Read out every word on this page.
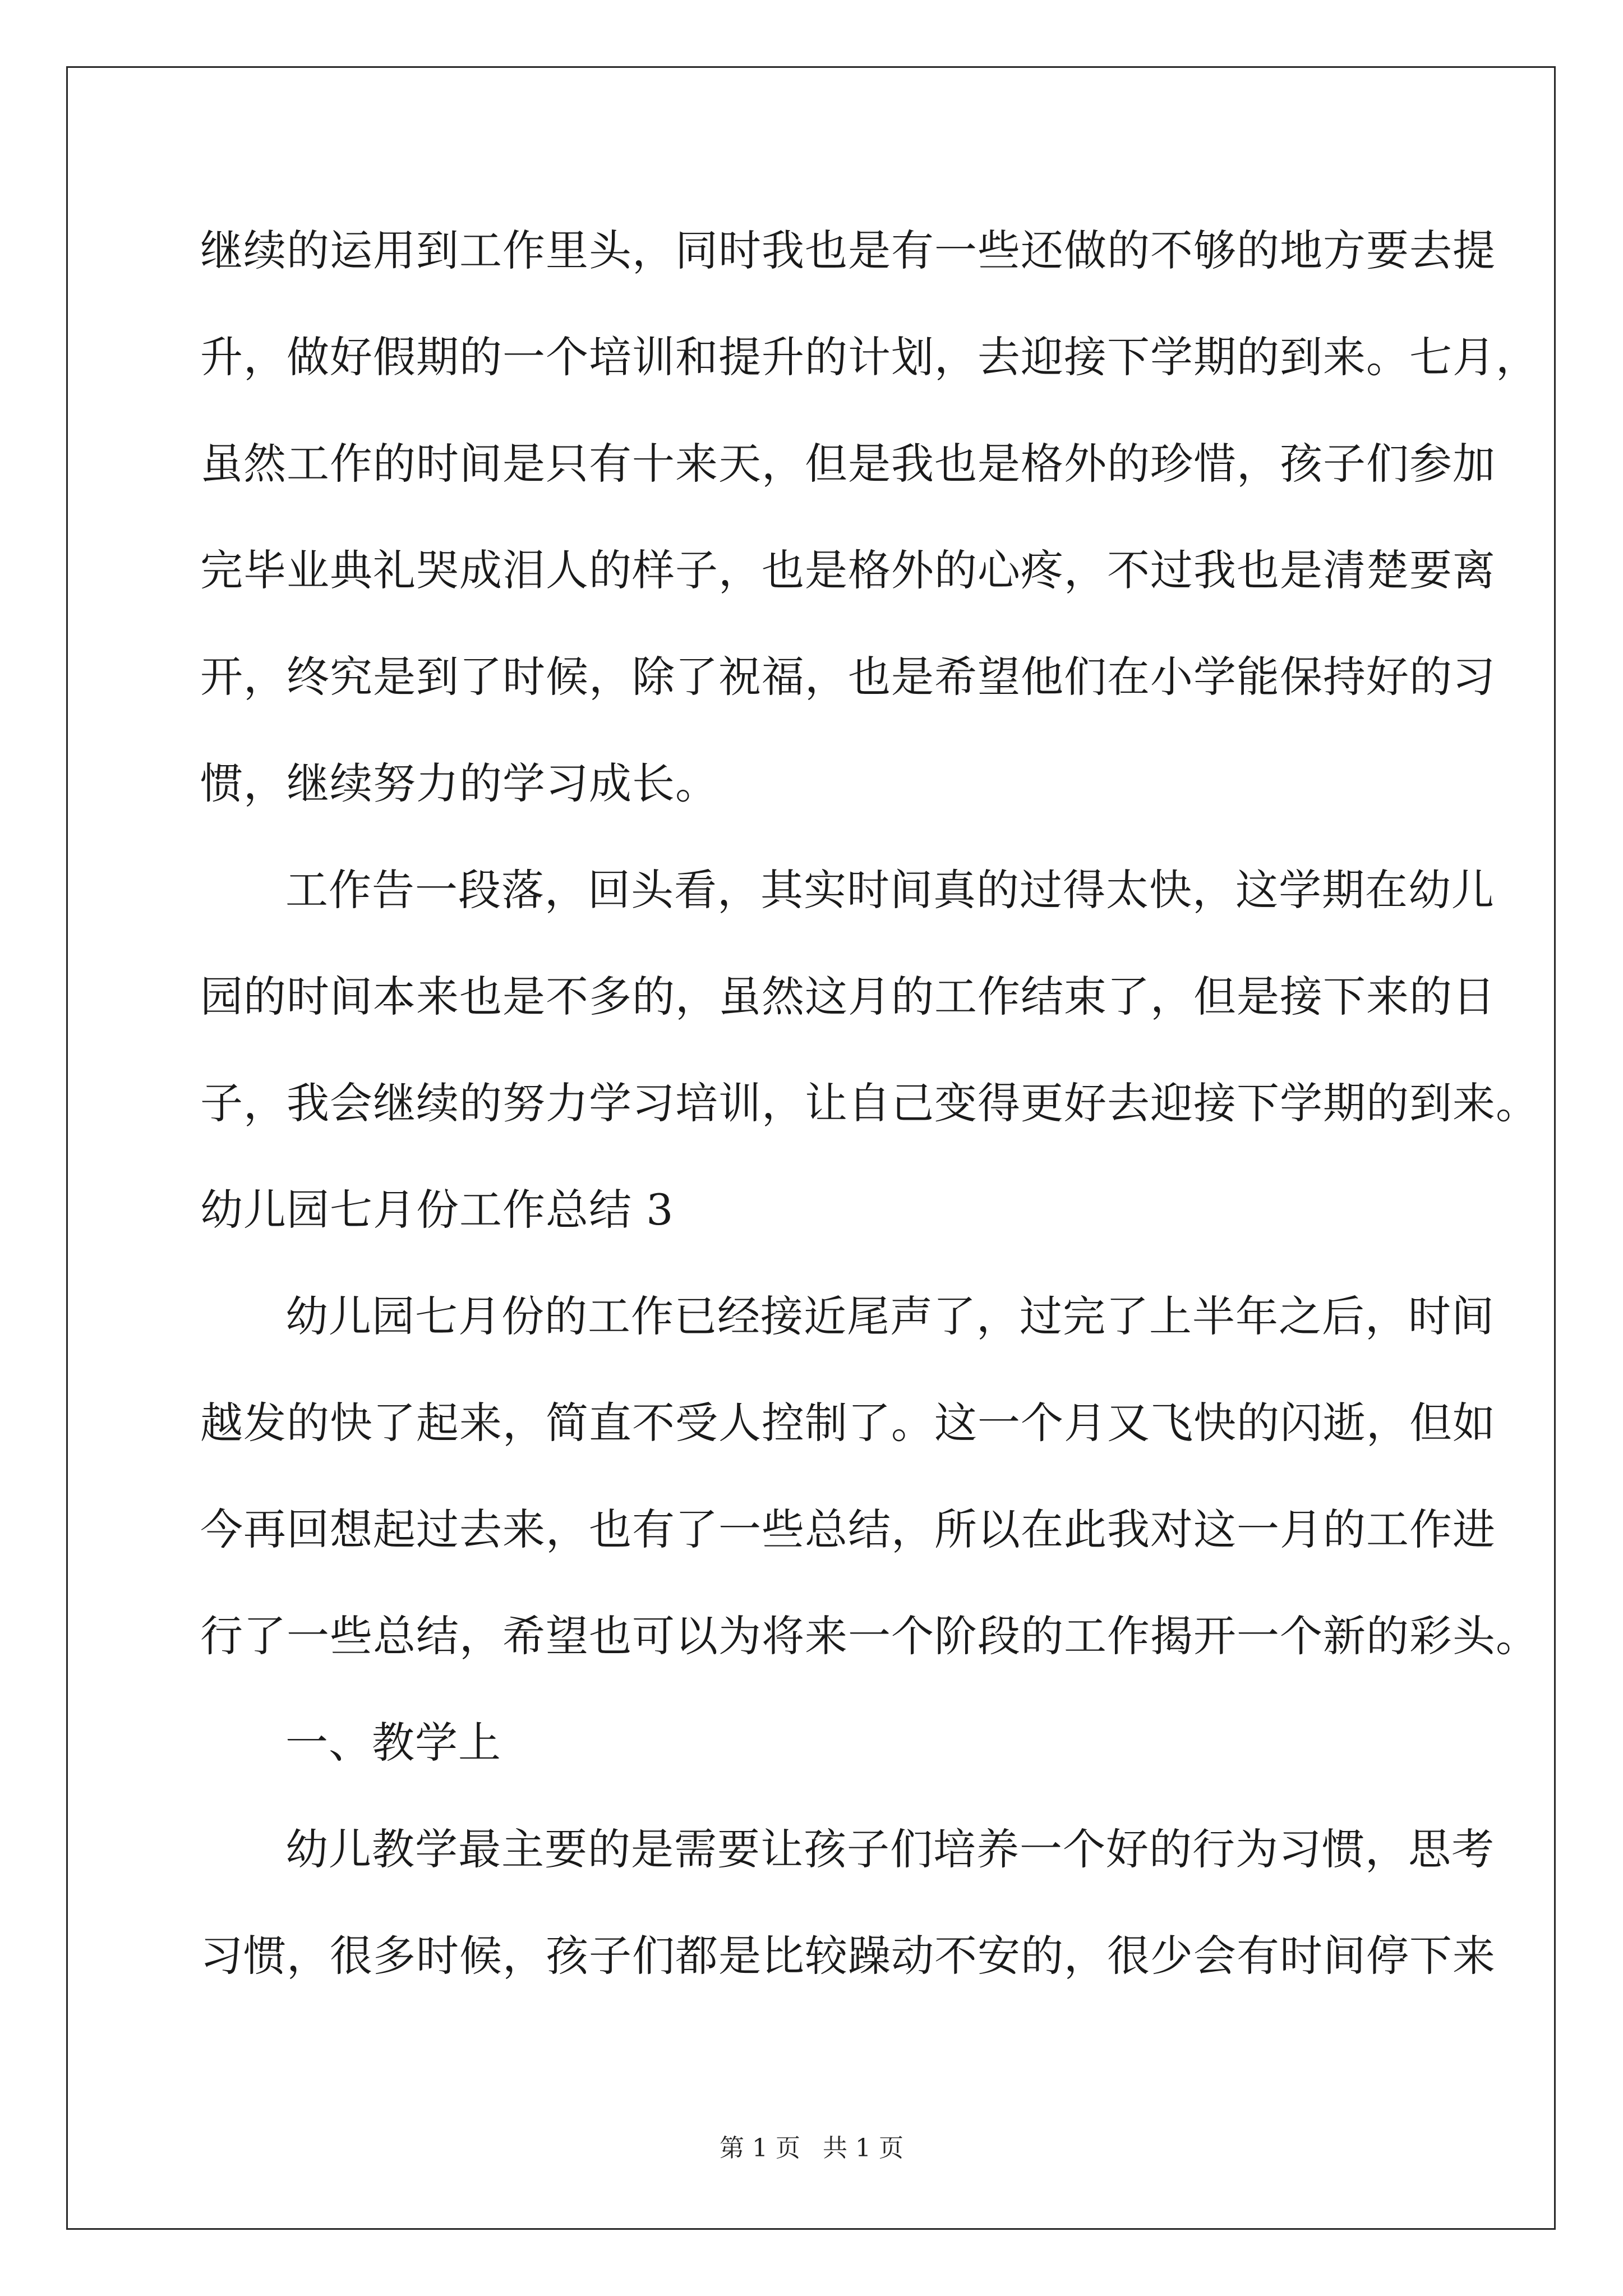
继续的运用到工作里头，同时我也是有一些还做的不够的地方要去提
升，做好假期的一个培训和提升的计划，去迎接下学期的到来。七月，
虽然工作的时间是只有十来天，但是我也是格外的珍惜，孩子们参加
完毕业典礼哭成泪人的样子，也是格外的心疼，不过我也是清楚要离
开，终究是到了时候，除了祝福，也是希望他们在小学能保持好的习
惯，继续努力的学习成长。
工作告一段落，回头看，其实时间真的过得太快，这学期在幼儿
园的时间本来也是不多的，虽然这月的工作结束了，但是接下来的日
子，我会继续的努力学习培训，让自己变得更好去迎接下学期的到来。
幼儿园七月份工作总结 3
幼儿园七月份的工作已经接近尾声了，过完了上半年之后，时间
越发的快了起来，简直不受人控制了。这一个月又飞快的闪逝，但如
今再回想起过去来，也有了一些总结，所以在此我对这一月的工作进
行了一些总结，希望也可以为将来一个阶段的工作揭开一个新的彩头。
一、教学上
幼儿教学最主要的是需要让孩子们培养一个好的行为习惯，思考
习惯，很多时候，孩子们都是比较躁动不安的，很少会有时间停下来
第 1 页 共 1 页
